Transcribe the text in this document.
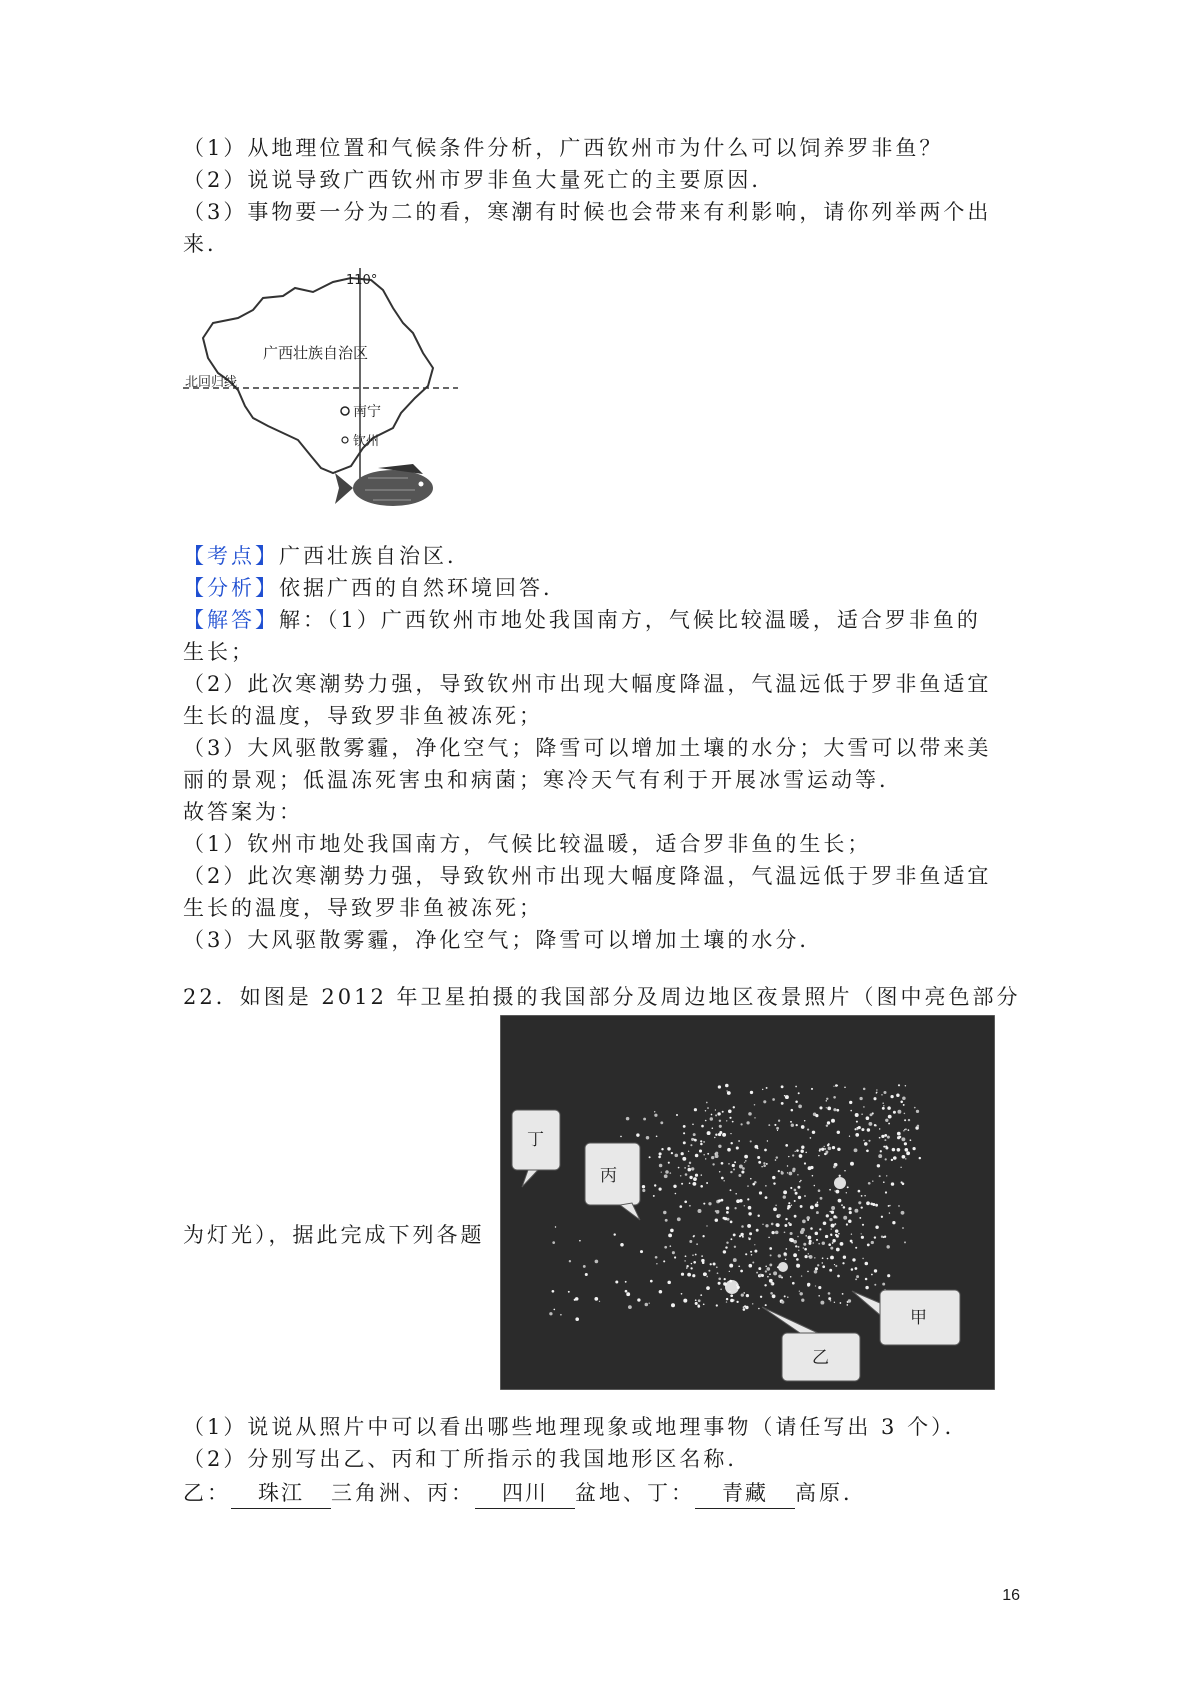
（1）从地理位置和气候条件分析，广西钦州市为什么可以饲养罗非鱼？
（2）说说导致广西钦州市罗非鱼大量死亡的主要原因．
（3）事物要一分为二的看，寒潮有时候也会带来有利影响，请你列举两个出
来．
110°
广西壮族自治区
北回归线
南宁
钦州
【考点】广西壮族自治区．
【分析】依据广西的自然环境回答．
【解答】解：（1）广西钦州市地处我国南方，气候比较温暖，适合罗非鱼的
生长；
（2）此次寒潮势力强，导致钦州市出现大幅度降温，气温远低于罗非鱼适宜
生长的温度，导致罗非鱼被冻死；
（3）大风驱散雾霾，净化空气；降雪可以增加土壤的水分；大雪可以带来美
丽的景观；低温冻死害虫和病菌；寒冷天气有利于开展冰雪运动等．
故答案为：
（1）钦州市地处我国南方，气候比较温暖，适合罗非鱼的生长；
（2）此次寒潮势力强，导致钦州市出现大幅度降温，气温远低于罗非鱼适宜
生长的温度，导致罗非鱼被冻死；
（3）大风驱散雾霾，净化空气；降雪可以增加土壤的水分．
22．如图是 2012 年卫星拍摄的我国部分及周边地区夜景照片（图中亮色部分
为灯光），据此完成下列各题
丁
丙
甲
乙
（1）说说从照片中可以看出哪些地理现象或地理事物（请任写出 3 个）．
（2）分别写出乙、丙和丁所指示的我国地形区名称．
乙： 珠江 三角洲、丙： 四川 盆地、丁： 青藏 高原．
16
